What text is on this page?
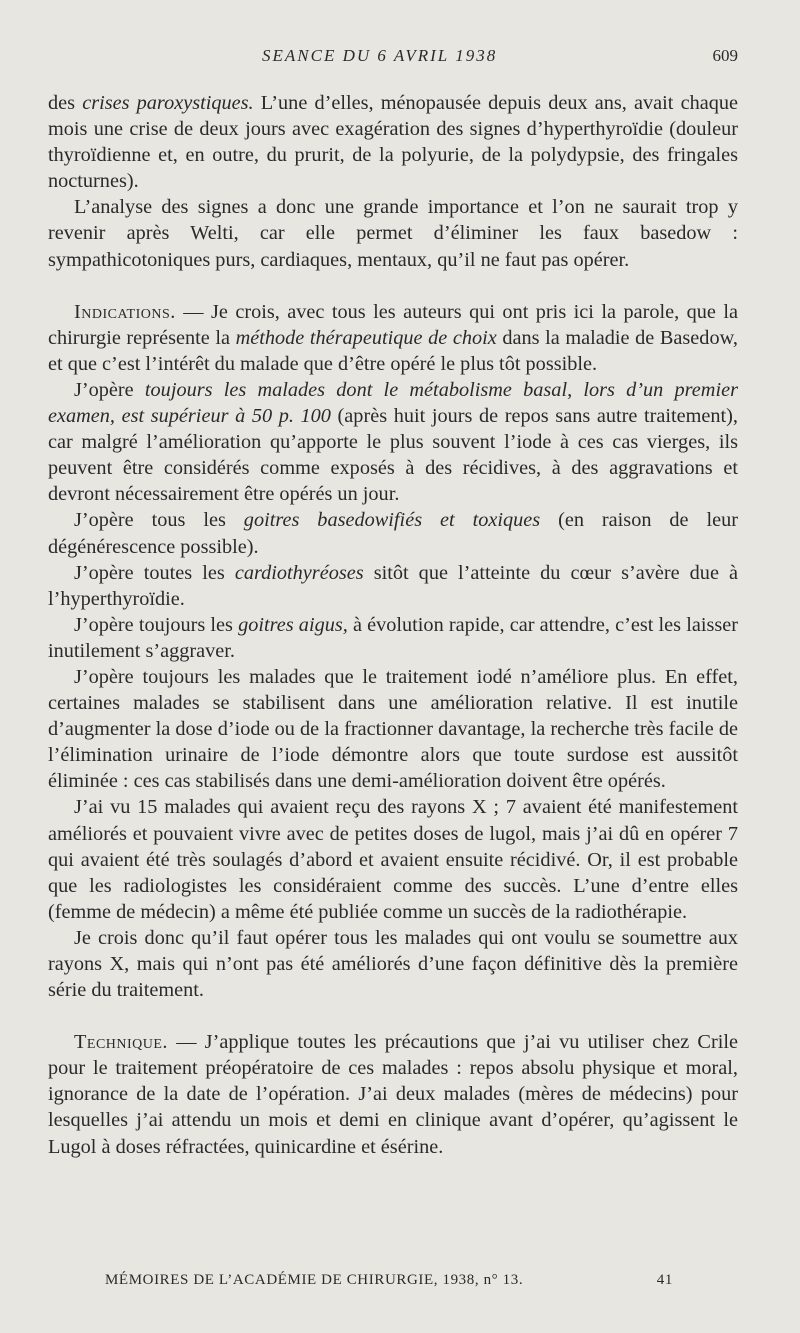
SEANCE DU 6 AVRIL 1938	609

des crises paroxystiques. L’une d’elles, ménopausée depuis deux ans, avait chaque mois une crise de deux jours avec exagération des signes d’hyperthyroïdie (douleur thyroïdienne et, en outre, du prurit, de la polyurie, de la polydypsie, des fringales nocturnes).

L’analyse des signes a donc une grande importance et l’on ne saurait trop y revenir après Welti, car elle permet d’éliminer les faux basedow : sympathicotoniques purs, cardiaques, mentaux, qu’il ne faut pas opérer.

Indications. — Je crois, avec tous les auteurs qui ont pris ici la parole, que la chirurgie représente la méthode thérapeutique de choix dans la maladie de Basedow, et que c’est l’intérêt du malade que d’être opéré le plus tôt possible.

J’opère toujours les malades dont le métabolisme basal, lors d’un premier examen, est supérieur à 50 p. 100 (après huit jours de repos sans autre traitement), car malgré l’amélioration qu’apporte le plus souvent l’iode à ces cas vierges, ils peuvent être considérés comme exposés à des récidives, à des aggravations et devront nécessairement être opérés un jour.

J’opère tous les goitres basedowifiés et toxiques (en raison de leur dégénérescence possible).

J’opère toutes les cardiothyréoses sitôt que l’atteinte du cœur s’avère due à l’hyperthyroïdie.

J’opère toujours les goitres aigus, à évolution rapide, car attendre, c’est les laisser inutilement s’aggraver.

J’opère toujours les malades que le traitement iodé n’améliore plus. En effet, certaines malades se stabilisent dans une amélioration relative. Il est inutile d’augmenter la dose d’iode ou de la fractionner davantage, la recherche très facile de l’élimination urinaire de l’iode démontre alors que toute surdose est aussitôt éliminée : ces cas stabilisés dans une demi-amélioration doivent être opérés.

J’ai vu 15 malades qui avaient reçu des rayons X ; 7 avaient été manifestement améliorés et pouvaient vivre avec de petites doses de lugol, mais j’ai dû en opérer 7 qui avaient été très soulagés d’abord et avaient ensuite récidivé. Or, il est probable que les radiologistes les considéraient comme des succès. L’une d’entre elles (femme de médecin) a même été publiée comme un succès de la radiothérapie.

Je crois donc qu’il faut opérer tous les malades qui ont voulu se soumettre aux rayons X, mais qui n’ont pas été améliorés d’une façon définitive dès la première série du traitement.

Technique. — J’applique toutes les précautions que j’ai vu utiliser chez Crile pour le traitement préopératoire de ces malades : repos absolu physique et moral, ignorance de la date de l’opération. J’ai deux malades (mères de médecins) pour lesquelles j’ai attendu un mois et demi en clinique avant d’opérer, qu’agissent le Lugol à doses réfractées, quinicardine et ésérine.

MÉMOIRES DE L’ACADÉMIE DE CHIRURGIE, 1938, n° 13.	41
